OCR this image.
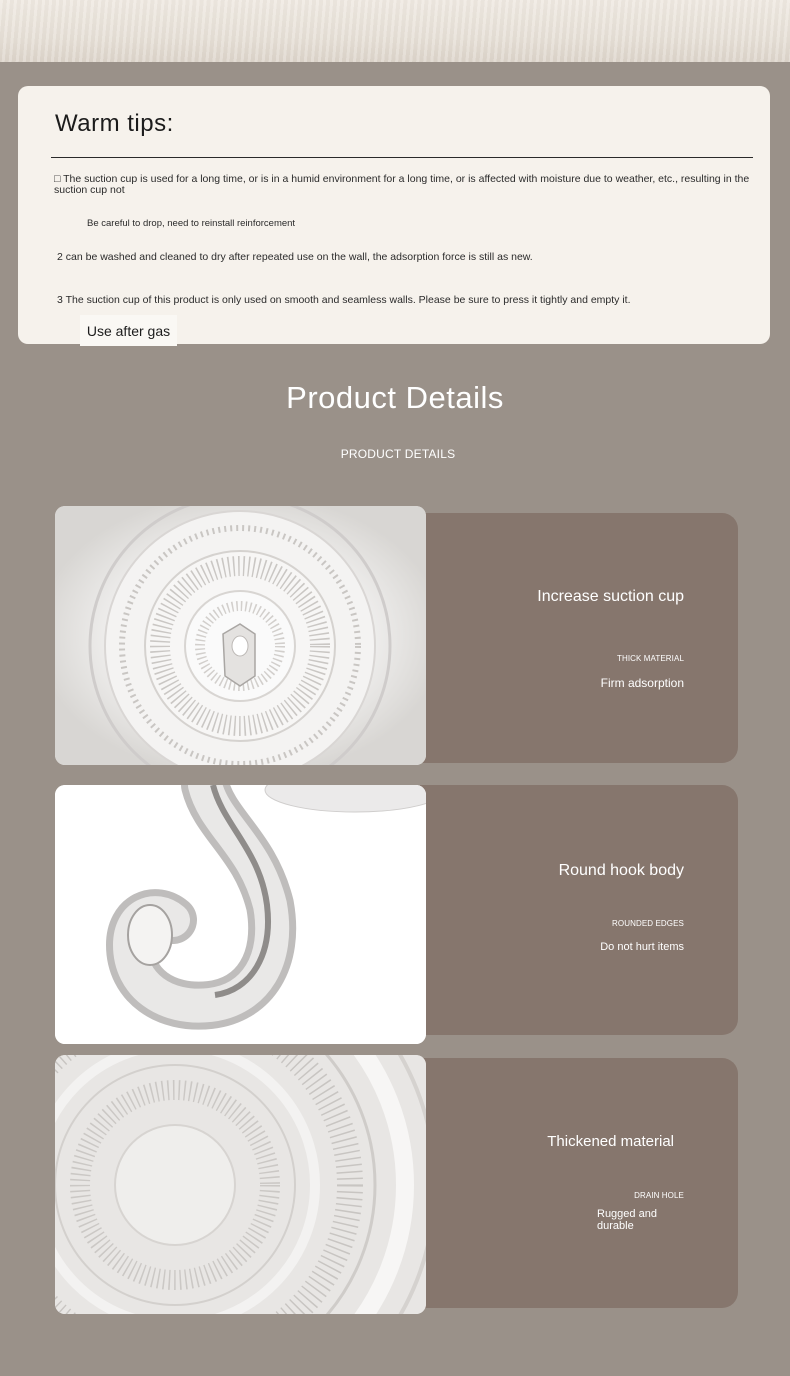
Warm tips:
□ The suction cup is used for a long time, or is in a humid environment for a long time, or is affected with moisture due to weather, etc., resulting in the suction cup not
Be careful to drop, need to reinstall reinforcement
2 can be washed and cleaned to dry after repeated use on the wall, the adsorption force is still as new.
3 The suction cup of this product is only used on smooth and seamless walls. Please be sure to press it tightly and empty it.
Use after gas
Product Details
PRODUCT DETAILS
Increase suction cup
THICK MATERIAL
Firm adsorption
Round hook body
ROUNDED EDGES
Do not hurt items
Thickened material
DRAIN HOLE
Rugged and
durable
